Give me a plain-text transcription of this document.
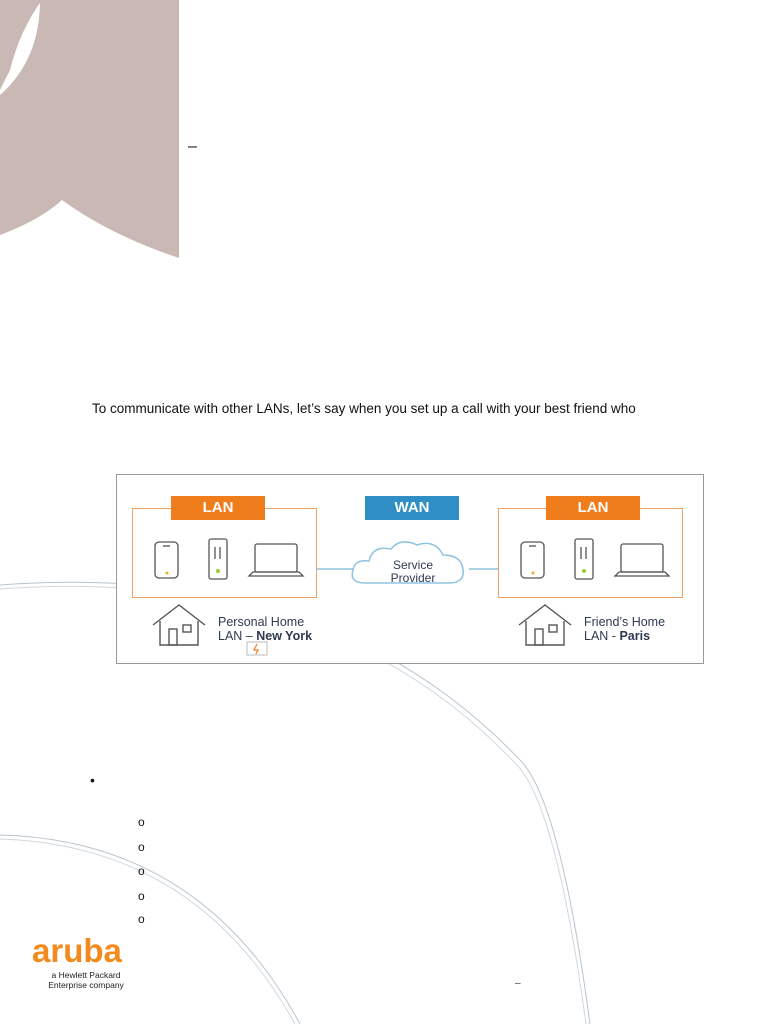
–
To communicate with other LANs, let’s say when you set up a call with your best friend who
LAN	WAN	LAN
Service
Provider
Personal Home
LAN – New York
Friend’s Home
LAN - Paris
•
o
o
o
o
o
aruba
a Hewlett Packard
Enterprise company	–
